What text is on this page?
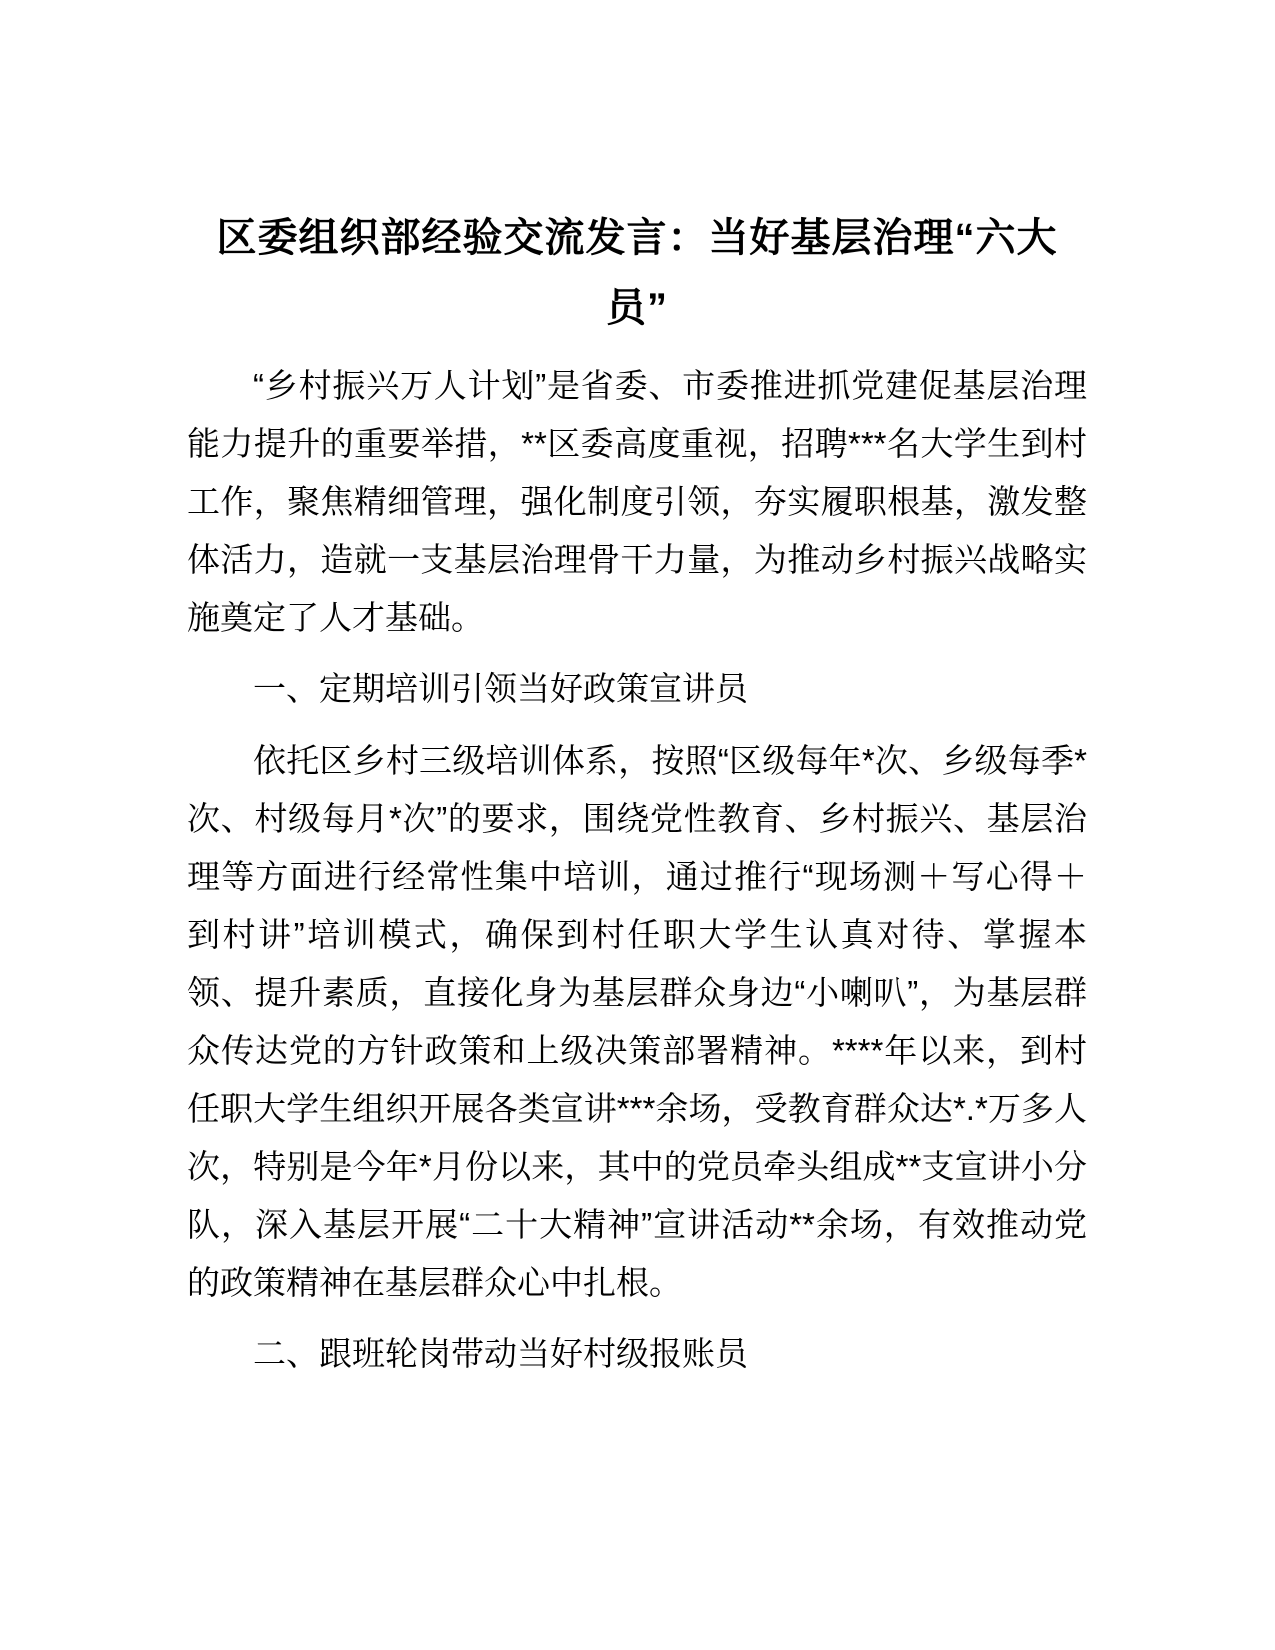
区委组织部经验交流发言：当好基层治理“六大员”

“乡村振兴万人计划”是省委、市委推进抓党建促基层治理能力提升的重要举措，**区委高度重视，招聘***名大学生到村工作，聚焦精细管理，强化制度引领，夯实履职根基，激发整体活力，造就一支基层治理骨干力量，为推动乡村振兴战略实施奠定了人才基础。

一、定期培训引领当好政策宣讲员

依托区乡村三级培训体系，按照“区级每年*次、乡级每季*次、村级每月*次”的要求，围绕党性教育、乡村振兴、基层治理等方面进行经常性集中培训，通过推行“现场测＋写心得＋到村讲”培训模式，确保到村任职大学生认真对待、掌握本领、提升素质，直接化身为基层群众身边“小喇叭”，为基层群众传达党的方针政策和上级决策部署精神。****年以来，到村任职大学生组织开展各类宣讲***余场，受教育群众达*.*万多人次，特别是今年*月份以来，其中的党员牵头组成**支宣讲小分队，深入基层开展“二十大精神”宣讲活动**余场，有效推动党的政策精神在基层群众心中扎根。

二、跟班轮岗带动当好村级报账员
